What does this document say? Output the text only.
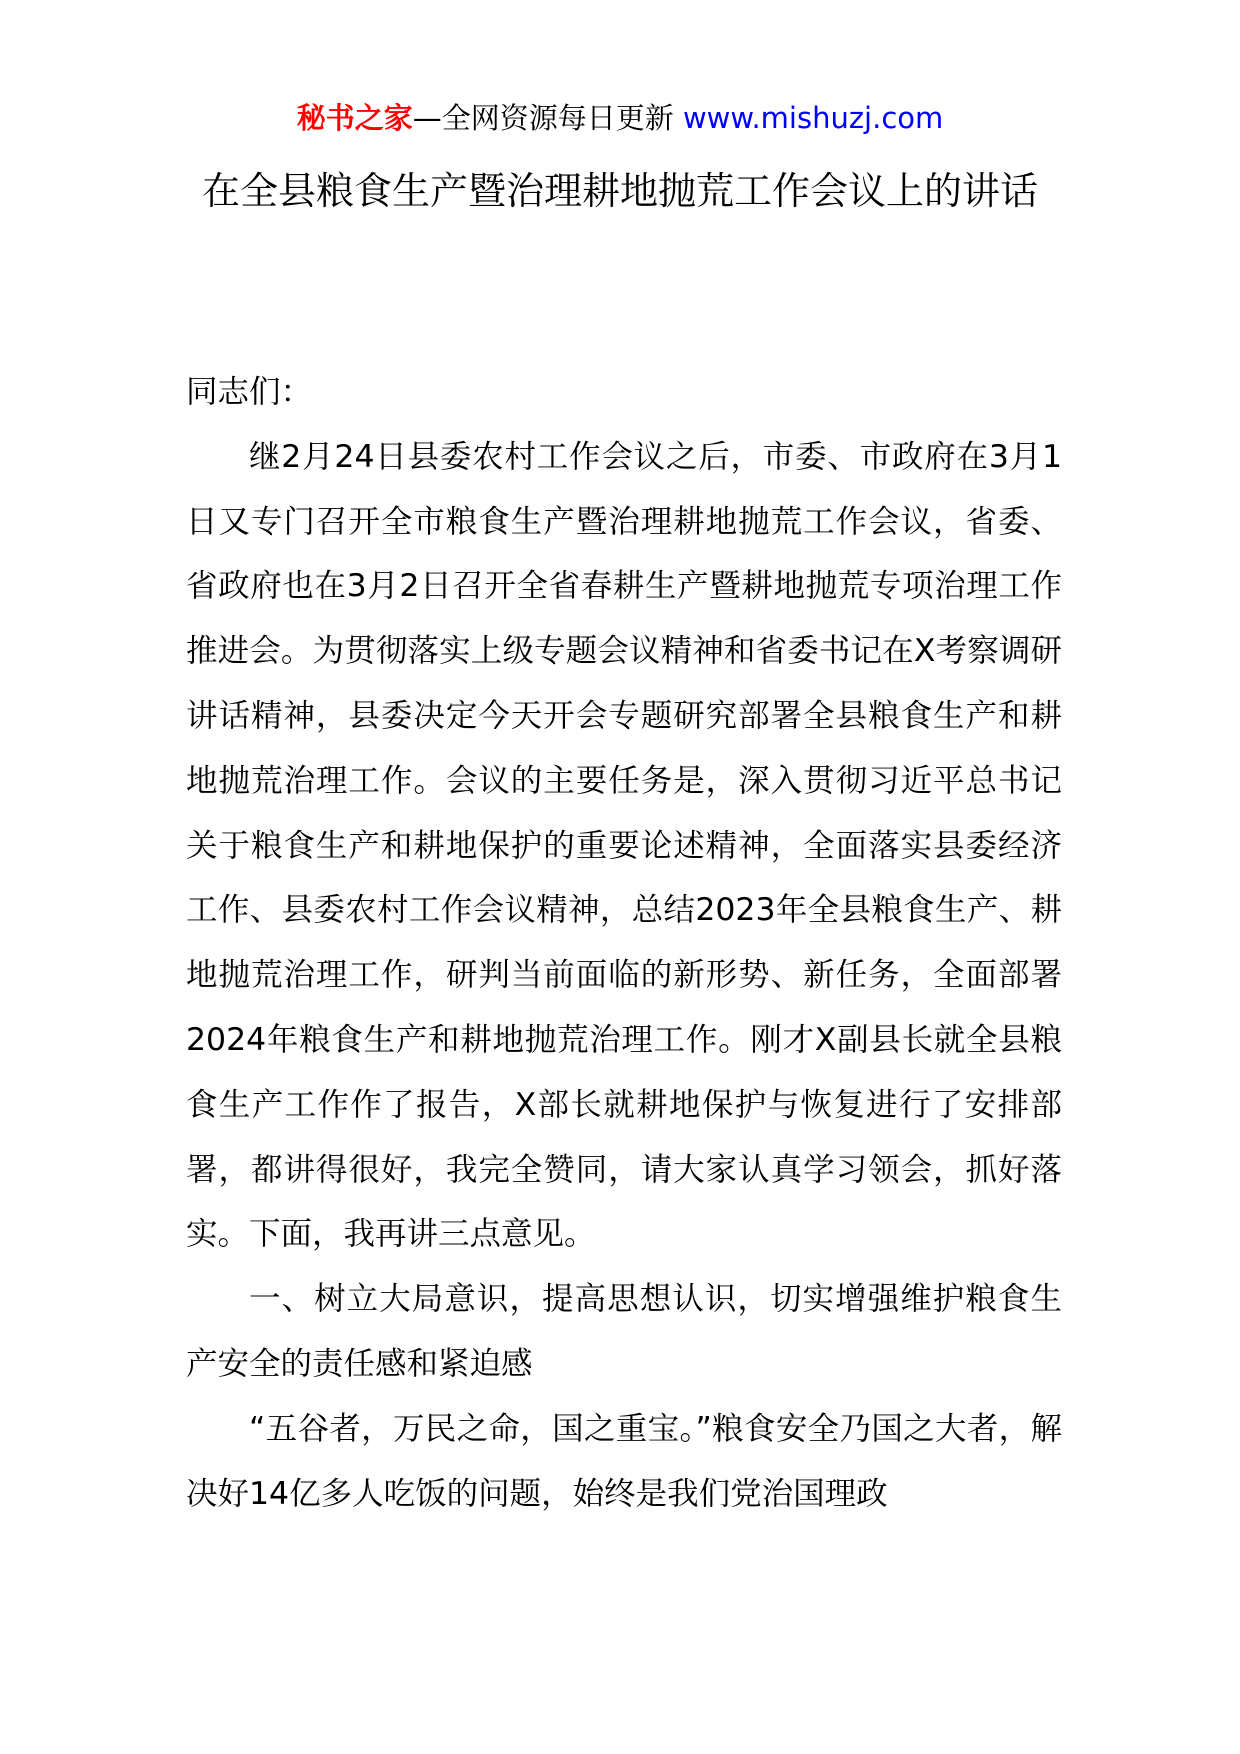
秘书之家—全网资源每日更新 www.mishuzj.com
在全县粮食生产暨治理耕地抛荒工作会议上的讲话

同志们：

继2月24日县委农村工作会议之后，市委、市政府在3月1日又专门召开全市粮食生产暨治理耕地抛荒工作会议，省委、省政府也在3月2日召开全省春耕生产暨耕地抛荒专项治理工作推进会。为贯彻落实上级专题会议精神和省委书记在X考察调研讲话精神，县委决定今天开会专题研究部署全县粮食生产和耕地抛荒治理工作。会议的主要任务是，深入贯彻习近平总书记关于粮食生产和耕地保护的重要论述精神，全面落实县委经济工作、县委农村工作会议精神，总结2023年全县粮食生产、耕地抛荒治理工作，研判当前面临的新形势、新任务，全面部署2024年粮食生产和耕地抛荒治理工作。刚才X副县长就全县粮食生产工作作了报告，X部长就耕地保护与恢复进行了安排部署，都讲得很好，我完全赞同，请大家认真学习领会，抓好落实。下面，我再讲三点意见。

一、树立大局意识，提高思想认识，切实增强维护粮食生产安全的责任感和紧迫感

“五谷者，万民之命，国之重宝。”粮食安全乃国之大者，解决好14亿多人吃饭的问题，始终是我们党治国理政
